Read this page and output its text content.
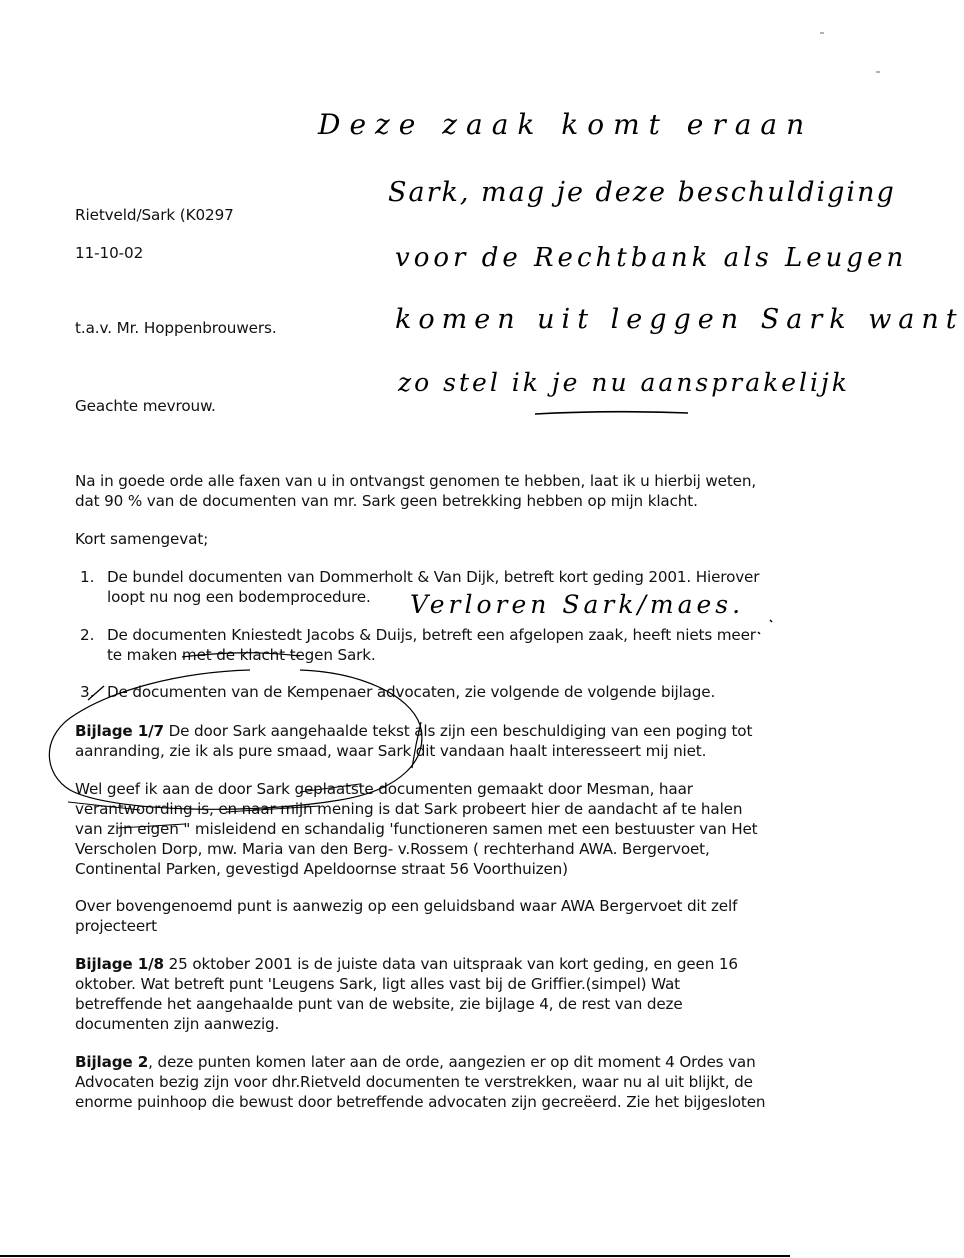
Deze zaak komt eraan
Sark, mag je deze beschuldiging
voor de Rechtbank als Leugen
komen uit leggen Sark want
zo stel ik je nu aansprakelijk
Rietveld/Sark (K0297
11-10-02
t.a.v. Mr. Hoppenbrouwers.
Geachte mevrouw.
Na in goede orde alle faxen van u in ontvangst genomen te hebben, laat ik u hierbij weten,
dat 90 % van de documenten van mr. Sark geen betrekking hebben op mijn klacht.
Kort samengevat;
1. De bundel documenten van Dommerholt & Van Dijk, betreft kort geding 2001. Hierover
loopt nu nog een bodemprocedure.	Verloren Sark/maes.
2. De documenten Kniestedt Jacobs & Duijs, betreft een afgelopen zaak, heeft niets meer
te maken met de klacht tegen Sark.
3. De documenten van de Kempenaer advocaten, zie volgende de volgende bijlage.
Bijlage 1/7 De door Sark aangehaalde tekst als zijn een beschuldiging van een poging tot
aanranding, zie ik als pure smaad, waar Sark dit vandaan haalt interesseert mij niet.
Wel geef ik aan de door Sark geplaatste documenten gemaakt door Mesman, haar
verantwoording is, en naar mijn mening is dat Sark probeert hier de aandacht af te halen
van zijn eigen " misleidend en schandalig 'functioneren samen met een bestuuster van Het
Verscholen Dorp, mw. Maria van den Berg- v.Rossem ( rechterhand AWA. Bergervoet,
Continental Parken, gevestigd Apeldoornse straat 56 Voorthuizen)
Over bovengenoemd punt is aanwezig op een geluidsband waar AWA Bergervoet dit zelf
projecteert
Bijlage 1/8 25 oktober 2001 is de juiste data van uitspraak van kort geding, en geen 16
oktober. Wat betreft punt 'Leugens Sark, ligt alles vast bij de Griffier.(simpel) Wat
betreffende het aangehaalde punt van de website, zie bijlage 4, de rest van deze
documenten zijn aanwezig.
Bijlage 2, deze punten komen later aan de orde, aangezien er op dit moment 4 Ordes van
Advocaten bezig zijn voor dhr.Rietveld documenten te verstrekken, waar nu al uit blijkt, de
enorme puinhoop die bewust door betreffende advocaten zijn gecreëerd. Zie het bijgesloten
